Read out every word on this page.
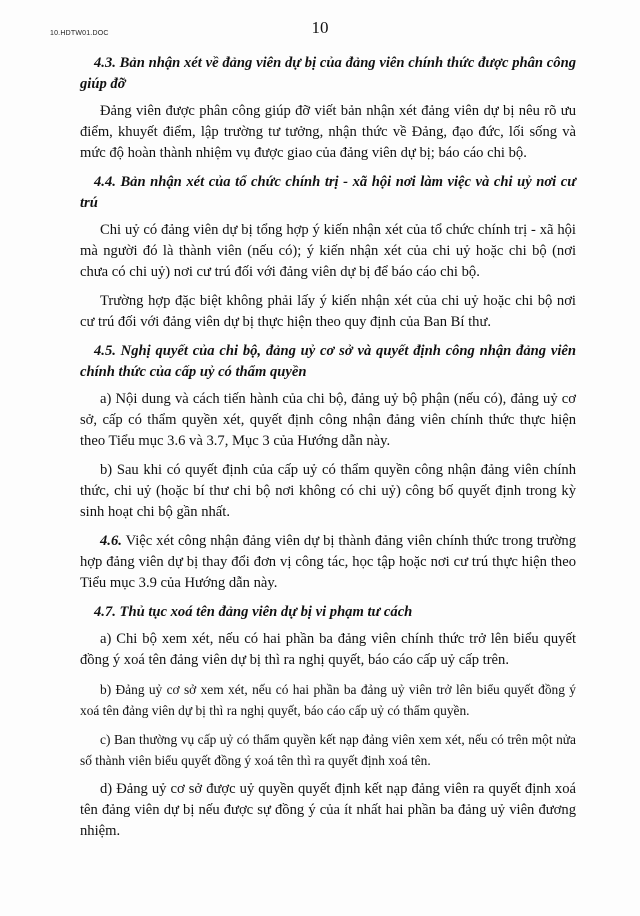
10.HDTW01.DOC	10
4.3. Bản nhận xét về đảng viên dự bị của đảng viên chính thức được phân công giúp đỡ
Đảng viên được phân công giúp đỡ viết bản nhận xét đảng viên dự bị nêu rõ ưu điểm, khuyết điểm, lập trường tư tưởng, nhận thức về Đảng, đạo đức, lối sống và mức độ hoàn thành nhiệm vụ được giao của đảng viên dự bị; báo cáo chi bộ.
4.4. Bản nhận xét của tổ chức chính trị - xã hội nơi làm việc và chi uỷ nơi cư trú
Chi uỷ có đảng viên dự bị tổng hợp ý kiến nhận xét của tổ chức chính trị - xã hội mà người đó là thành viên (nếu có); ý kiến nhận xét của chi uỷ hoặc chi bộ (nơi chưa có chi uỷ) nơi cư trú đối với đảng viên dự bị để báo cáo chi bộ.
Trường hợp đặc biệt không phải lấy ý kiến nhận xét của chi uỷ hoặc chi bộ nơi cư trú đối với đảng viên dự bị thực hiện theo quy định của Ban Bí thư.
4.5. Nghị quyết của chi bộ, đảng uỷ cơ sở và quyết định công nhận đảng viên chính thức của cấp uỷ có thẩm quyền
a) Nội dung và cách tiến hành của chi bộ, đảng uỷ bộ phận (nếu có), đảng uỷ cơ sở, cấp có thẩm quyền xét, quyết định công nhận đảng viên chính thức thực hiện theo Tiểu mục 3.6 và 3.7, Mục 3 của Hướng dẫn này.
b) Sau khi có quyết định của cấp uỷ có thẩm quyền công nhận đảng viên chính thức, chi uỷ (hoặc bí thư chi bộ nơi không có chi uỷ) công bố quyết định trong kỳ sinh hoạt chi bộ gần nhất.
4.6. Việc xét công nhận đảng viên dự bị thành đảng viên chính thức trong trường hợp đảng viên dự bị thay đổi đơn vị công tác, học tập hoặc nơi cư trú thực hiện theo Tiểu mục 3.9 của Hướng dẫn này.
4.7. Thủ tục xoá tên đảng viên dự bị vi phạm tư cách
a) Chi bộ xem xét, nếu có hai phần ba đảng viên chính thức trở lên biểu quyết đồng ý xoá tên đảng viên dự bị thì ra nghị quyết, báo cáo cấp uỷ cấp trên.
b) Đảng uỷ cơ sở xem xét, nếu có hai phần ba đảng uỷ viên trở lên biểu quyết đồng ý xoá tên đảng viên dự bị thì ra nghị quyết, báo cáo cấp uỷ có thẩm quyền.
c) Ban thường vụ cấp uỷ có thẩm quyền kết nạp đảng viên xem xét, nếu có trên một nửa số thành viên biểu quyết đồng ý xoá tên thì ra quyết định xoá tên.
d) Đảng uỷ cơ sở được uỷ quyền quyết định kết nạp đảng viên ra quyết định xoá tên đảng viên dự bị nếu được sự đồng ý của ít nhất hai phần ba đảng uỷ viên đương nhiệm.
